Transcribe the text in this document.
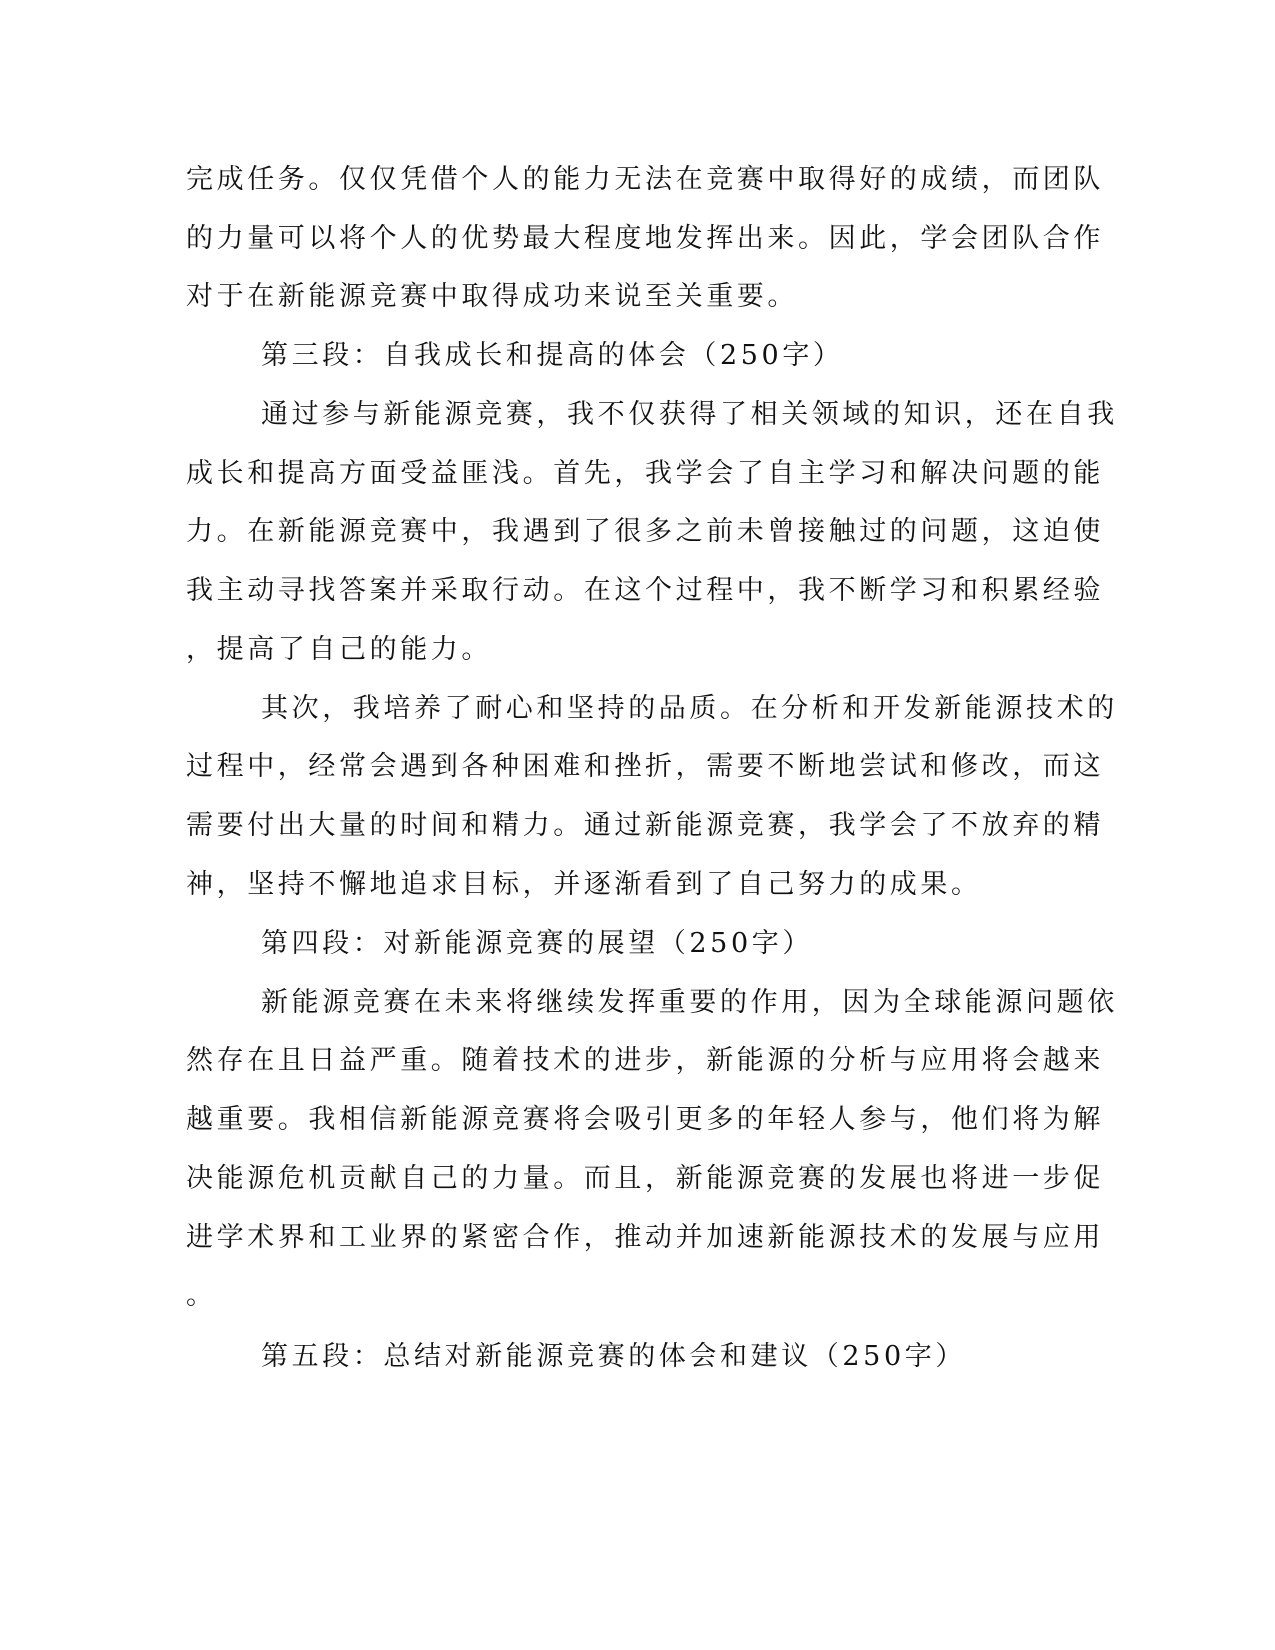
完成任务。仅仅凭借个人的能力无法在竞赛中取得好的成绩，而团队
的力量可以将个人的优势最大程度地发挥出来。因此，学会团队合作
对于在新能源竞赛中取得成功来说至关重要。
第三段：自我成长和提高的体会（250字）
通过参与新能源竞赛，我不仅获得了相关领域的知识，还在自我
成长和提高方面受益匪浅。首先，我学会了自主学习和解决问题的能
力。在新能源竞赛中，我遇到了很多之前未曾接触过的问题，这迫使
我主动寻找答案并采取行动。在这个过程中，我不断学习和积累经验
，提高了自己的能力。
其次，我培养了耐心和坚持的品质。在分析和开发新能源技术的
过程中，经常会遇到各种困难和挫折，需要不断地尝试和修改，而这
需要付出大量的时间和精力。通过新能源竞赛，我学会了不放弃的精
神，坚持不懈地追求目标，并逐渐看到了自己努力的成果。
第四段：对新能源竞赛的展望（250字）
新能源竞赛在未来将继续发挥重要的作用，因为全球能源问题依
然存在且日益严重。随着技术的进步，新能源的分析与应用将会越来
越重要。我相信新能源竞赛将会吸引更多的年轻人参与，他们将为解
决能源危机贡献自己的力量。而且，新能源竞赛的发展也将进一步促
进学术界和工业界的紧密合作，推动并加速新能源技术的发展与应用
。
第五段：总结对新能源竞赛的体会和建议（250字）
